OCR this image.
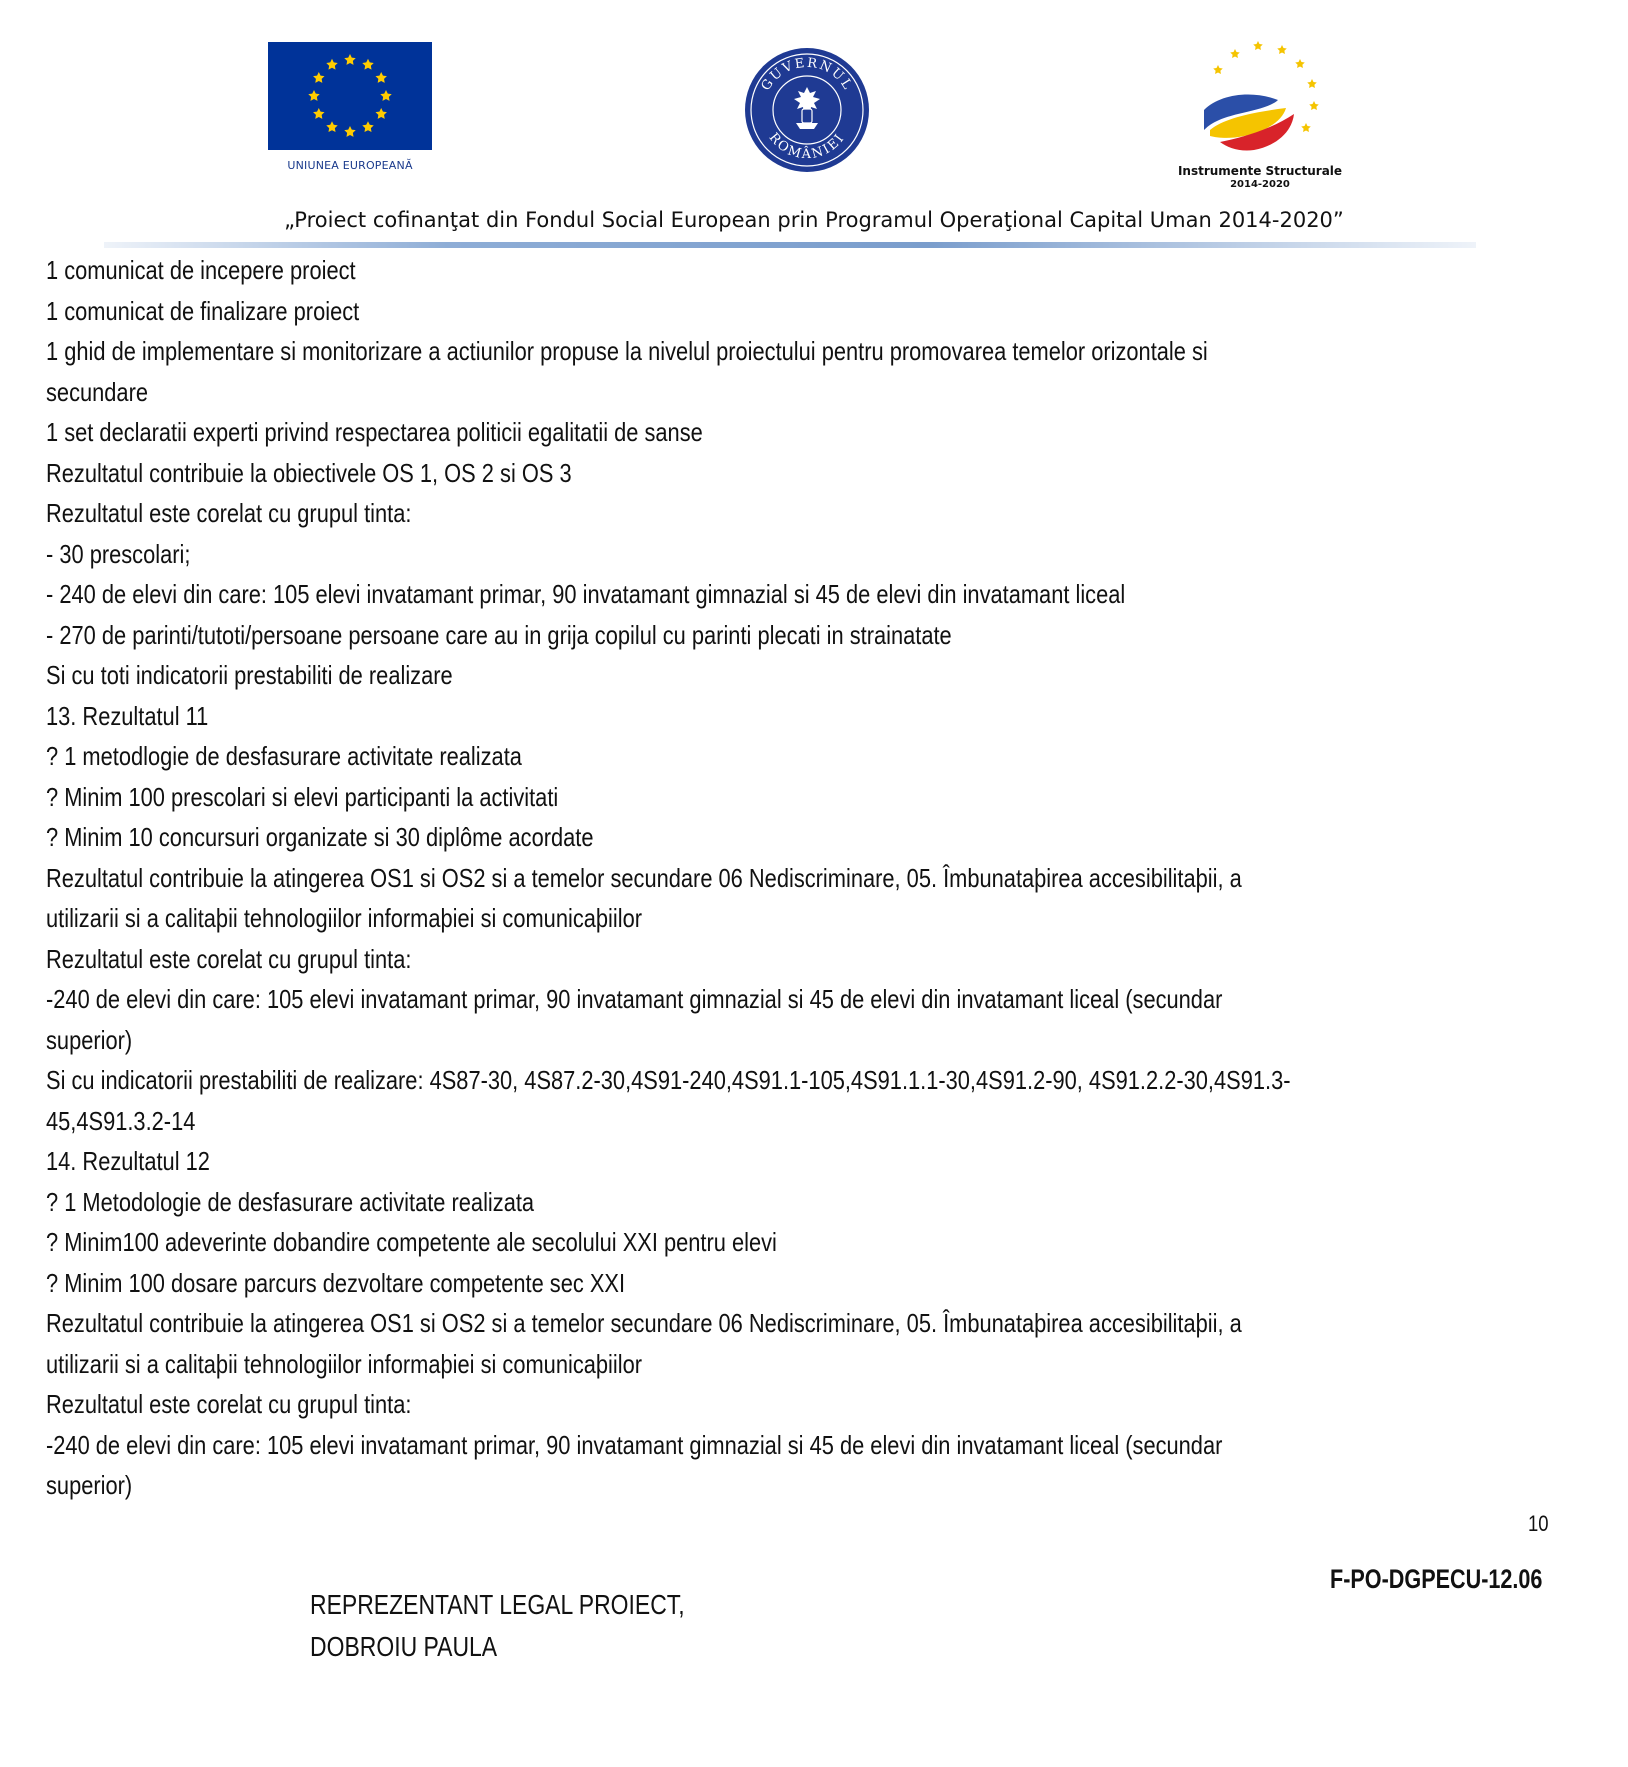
UNIUNEA EUROPEANĂ
GUVERNUL
ROMÂNIEI
Instrumente Structurale
2014-2020
„Proiect cofinanţat din Fondul Social European prin Programul Operaţional Capital Uman 2014-2020”
1 comunicat de incepere proiect
1 comunicat de finalizare proiect
1 ghid de implementare si monitorizare a actiunilor propuse la nivelul proiectului pentru promovarea temelor orizontale si
secundare
1 set declaratii experti privind respectarea politicii egalitatii de sanse
Rezultatul contribuie la obiectivele OS 1, OS 2 si OS 3
Rezultatul este corelat cu grupul tinta:
- 30 prescolari;
- 240 de elevi din care: 105 elevi invatamant primar, 90 invatamant gimnazial si 45 de elevi din invatamant liceal
- 270 de parinti/tutoti/persoane persoane care au in grija copilul cu parinti plecati in strainatate
Si cu toti indicatorii prestabiliti de realizare
13. Rezultatul 11
? 1 metodlogie de desfasurare activitate realizata
? Minim 100 prescolari si elevi participanti la activitati
? Minim 10 concursuri organizate si 30 diplôme acordate
Rezultatul contribuie la atingerea OS1 si OS2 si a temelor secundare 06 Nediscriminare, 05. Îmbunataþirea accesibilitaþii, a
utilizarii si a calitaþii tehnologiilor informaþiei si comunicaþiilor
Rezultatul este corelat cu grupul tinta:
-240 de elevi din care: 105 elevi invatamant primar, 90 invatamant gimnazial si 45 de elevi din invatamant liceal (secundar
superior)
Si cu indicatorii prestabiliti de realizare: 4S87-30, 4S87.2-30,4S91-240,4S91.1-105,4S91.1.1-30,4S91.2-90, 4S91.2.2-30,4S91.3-
45,4S91.3.2-14
14. Rezultatul 12
? 1 Metodologie de desfasurare activitate realizata
? Minim100 adeverinte dobandire competente ale secolului XXI pentru elevi
? Minim 100 dosare parcurs dezvoltare competente sec XXI
Rezultatul contribuie la atingerea OS1 si OS2 si a temelor secundare 06 Nediscriminare, 05. Îmbunataþirea accesibilitaþii, a
utilizarii si a calitaþii tehnologiilor informaþiei si comunicaþiilor
Rezultatul este corelat cu grupul tinta:
-240 de elevi din care: 105 elevi invatamant primar, 90 invatamant gimnazial si 45 de elevi din invatamant liceal (secundar
superior)
10
F-PO-DGPECU-12.06
REPREZENTANT LEGAL PROIECT,
DOBROIU PAULA
